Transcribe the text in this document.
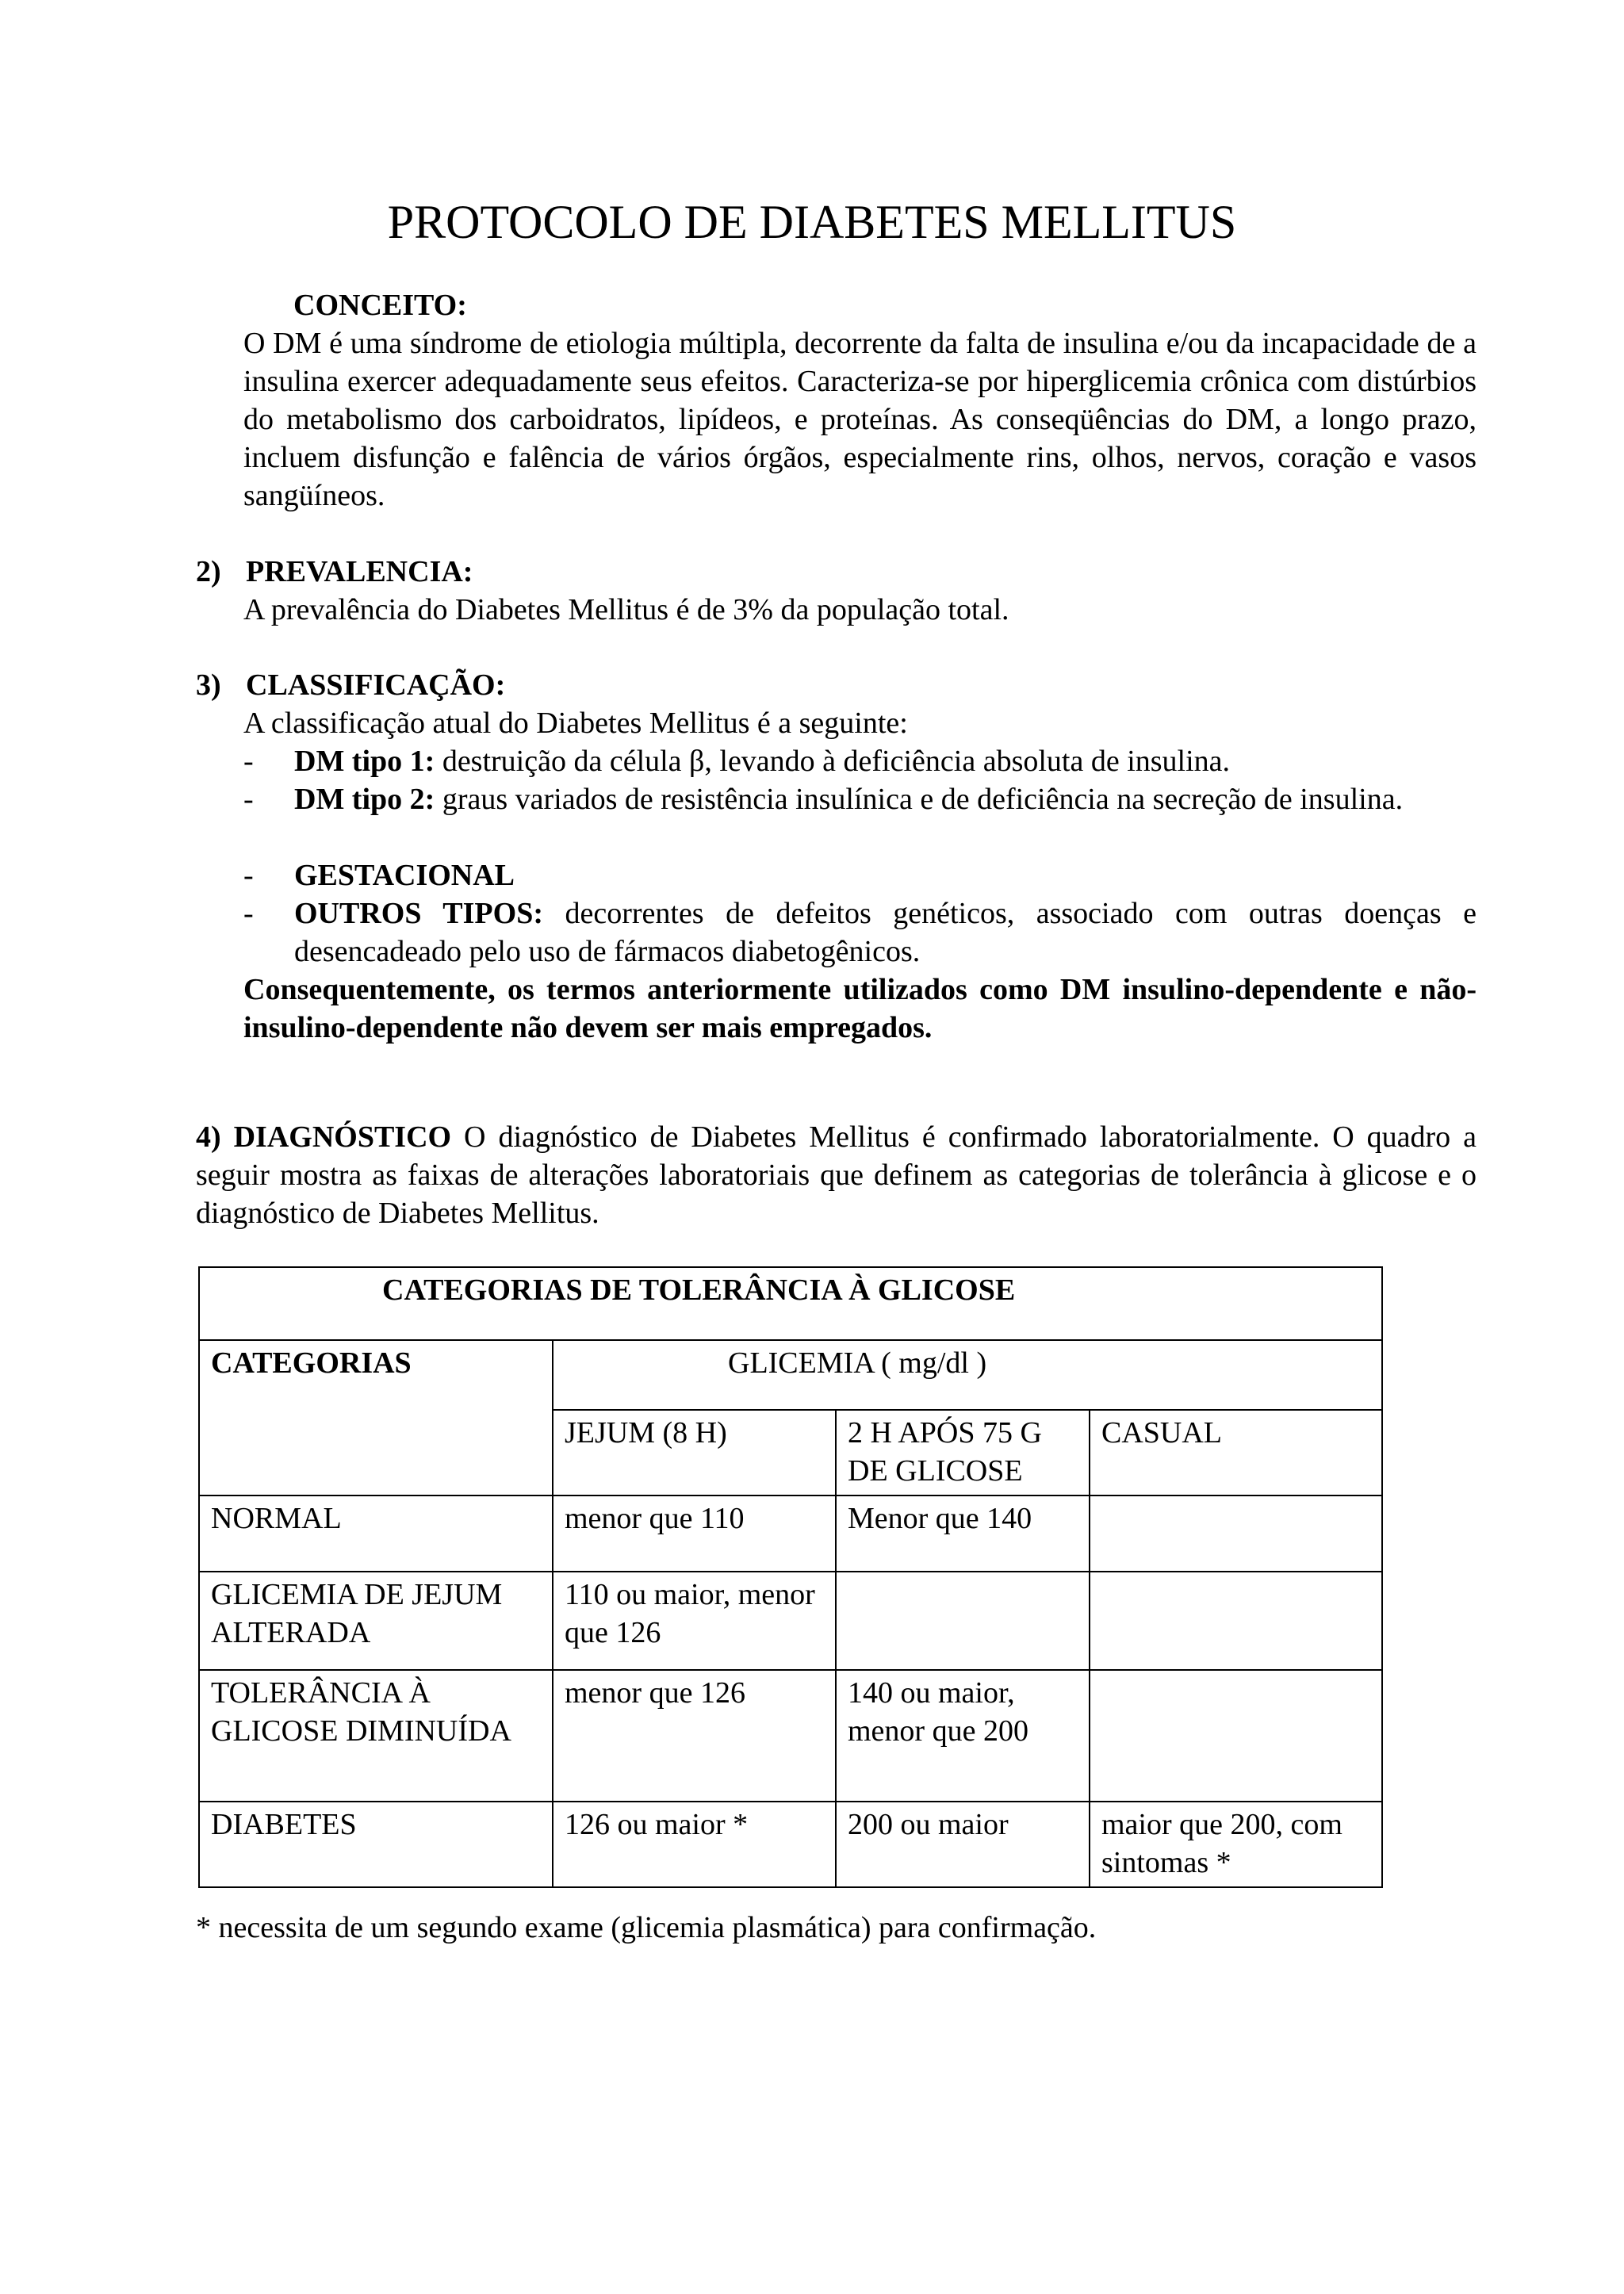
PROTOCOLO DE DIABETES MELLITUS
CONCEITO:

O DM é uma síndrome de etiologia múltipla, decorrente da falta de insulina e/ou da incapacidade de a insulina exercer adequadamente seus efeitos. Caracteriza-se por hiperglicemia crônica com distúrbios do metabolismo dos carboidratos, lipídeos, e proteínas. As conseqüências do DM, a longo prazo, incluem disfunção e falência de vários órgãos, especialmente rins, olhos, nervos, coração e vasos sangüíneos.

2) PREVALENCIA:

A prevalência do Diabetes Mellitus é de 3% da população total.

3) CLASSIFICAÇÃO:

A classificação atual do Diabetes Mellitus é a seguinte:

- DM tipo 1: destruição da célula β, levando à deficiência absoluta de insulina.
- DM tipo 2: graus variados de resistência insulínica e de deficiência na secreção de insulina.
- GESTACIONAL
- OUTROS TIPOS: decorrentes de defeitos genéticos, associado com outras doenças e desencadeado pelo uso de fármacos diabetogênicos.

Consequentemente, os termos anteriormente utilizados como DM insulino-dependente e não-insulino-dependente não devem ser mais empregados.

4) DIAGNÓSTICO O diagnóstico de Diabetes Mellitus é confirmado laboratorialmente. O quadro a seguir mostra as faixas de alterações laboratoriais que definem as categorias de tolerância à glicose e o diagnóstico de Diabetes Mellitus.

CATEGORIAS DE TOLERÂNCIA À GLICOSE			
CATEGORIAS	GLICEMIA ( mg/dl )		
	JEJUM (8 H)	2 H APÓS 75 G DE GLICOSE	CASUAL
NORMAL	menor que 110	Menor que 140	
GLICEMIA DE JEJUM ALTERADA	110 ou maior, menor que 126		
TOLERÂNCIA À GLICOSE DIMINUÍDA	menor que 126	140 ou maior, menor que 200	
DIABETES	126 ou maior *	200 ou maior	maior que 200, com sintomas *
* necessita de um segundo exame (glicemia plasmática) para confirmação.
